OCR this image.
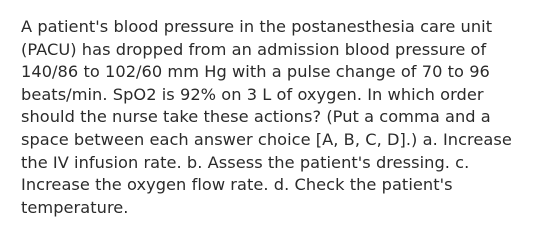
A patient's blood pressure in the postanesthesia care unit (PACU) has dropped from an admission blood pressure of 140/86 to 102/60 mm Hg with a pulse change of 70 to 96 beats/min. SpO2 is 92% on 3 L of oxygen. In which order should the nurse take these actions? (Put a comma and a space between each answer choice [A, B, C, D].) a. Increase the IV infusion rate. b. Assess the patient's dressing. c. Increase the oxygen flow rate. d. Check the patient's temperature.
